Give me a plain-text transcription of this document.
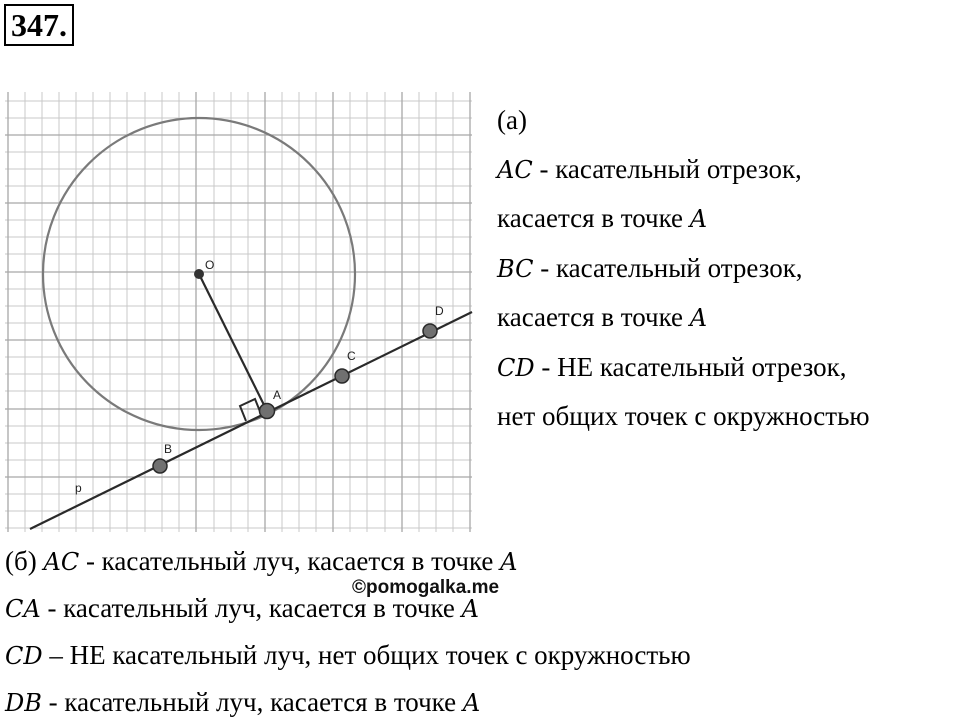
347.
O
A
B
C
D
p
(а)
AC - касательный отрезок,
касается в точке A
BC - касательный отрезок,
касается в точке A
CD - НЕ касательный отрезок,
нет общих точек с окружностью
(б) AC - касательный луч, касается в точке A
CA - касательный луч, касается в точке A
CD – НЕ касательный луч, нет общих точек с окружностью
DB - касательный луч, касается в точке A
©pomogalka.me
